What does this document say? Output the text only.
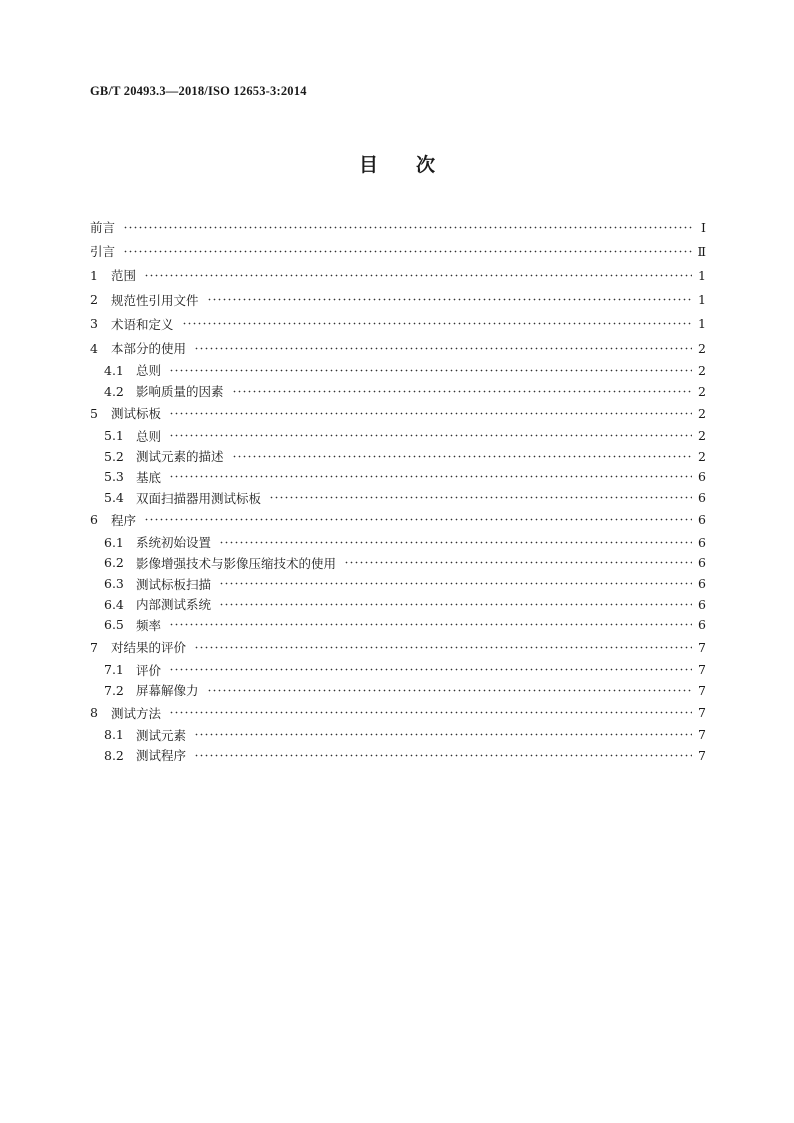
GB/T 20493.3—2018/ISO 12653-3:2014
目次
前言	Ⅰ
引言	Ⅱ
1	范围	1
2	规范性引用文件	1
3	术语和定义	1
4	本部分的使用	2
4.1 总则	2
4.2 影响质量的因素	2
5	测试标板	2
5.1 总则	2
5.2 测试元素的描述	2
5.3 基底	6
5.4 双面扫描器用测试标板	6
6	程序	6
6.1 系统初始设置	6
6.2 影像增强技术与影像压缩技术的使用	6
6.3 测试标板扫描	6
6.4 内部测试系统	6
6.5 频率	6
7	对结果的评价	7
7.1 评价	7
7.2 屏幕解像力	7
8	测试方法	7
8.1 测试元素	7
8.2 测试程序	7
